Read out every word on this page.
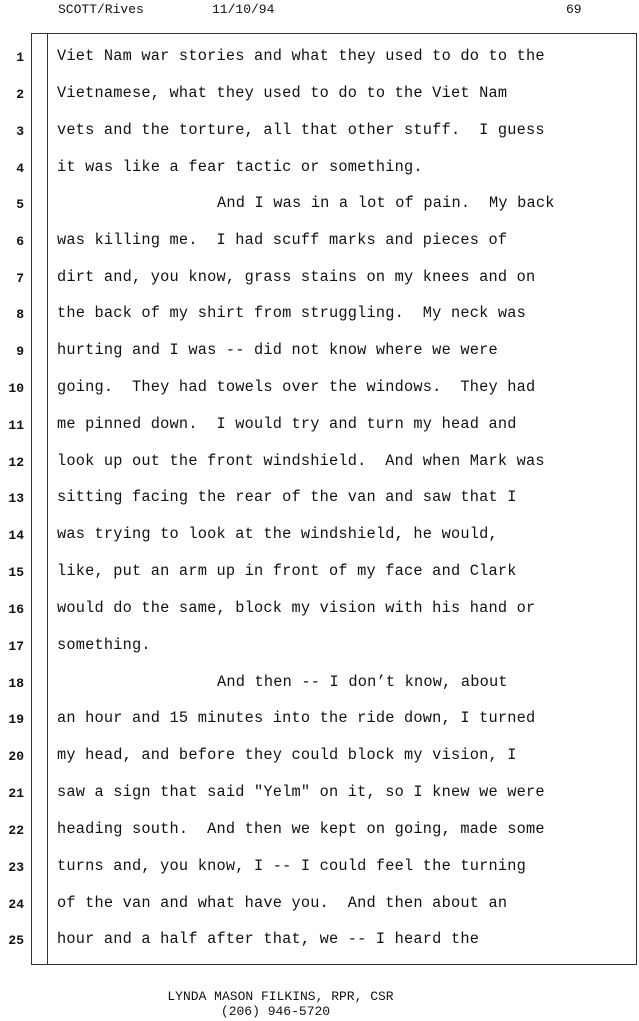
SCOTT/Rives	11/10/94	69
1
2
3
4
5
6
7
8
9
10
11
12
13
14
15
16
17
18
19
20
21
22
23
24
25
Viet Nam war stories and what they used to do to the
Vietnamese, what they used to do to the Viet Nam
vets and the torture, all that other stuff.  I guess
it was like a fear tactic or something.
And I was in a lot of pain.  My back
was killing me.  I had scuff marks and pieces of
dirt and, you know, grass stains on my knees and on
the back of my shirt from struggling.  My neck was
hurting and I was -- did not know where we were
going.  They had towels over the windows.  They had
me pinned down.  I would try and turn my head and
look up out the front windshield.  And when Mark was
sitting facing the rear of the van and saw that I
was trying to look at the windshield, he would,
like, put an arm up in front of my face and Clark
would do the same, block my vision with his hand or
something.
And then -- I don’t know, about
an hour and 15 minutes into the ride down, I turned
my head, and before they could block my vision, I
saw a sign that said "Yelm" on it, so I knew we were
heading south.  And then we kept on going, made some
turns and, you know, I -- I could feel the turning
of the van and what have you.  And then about an
hour and a half after that, we -- I heard the
LYNDA MASON FILKINS, RPR, CSR
(206) 946-5720
